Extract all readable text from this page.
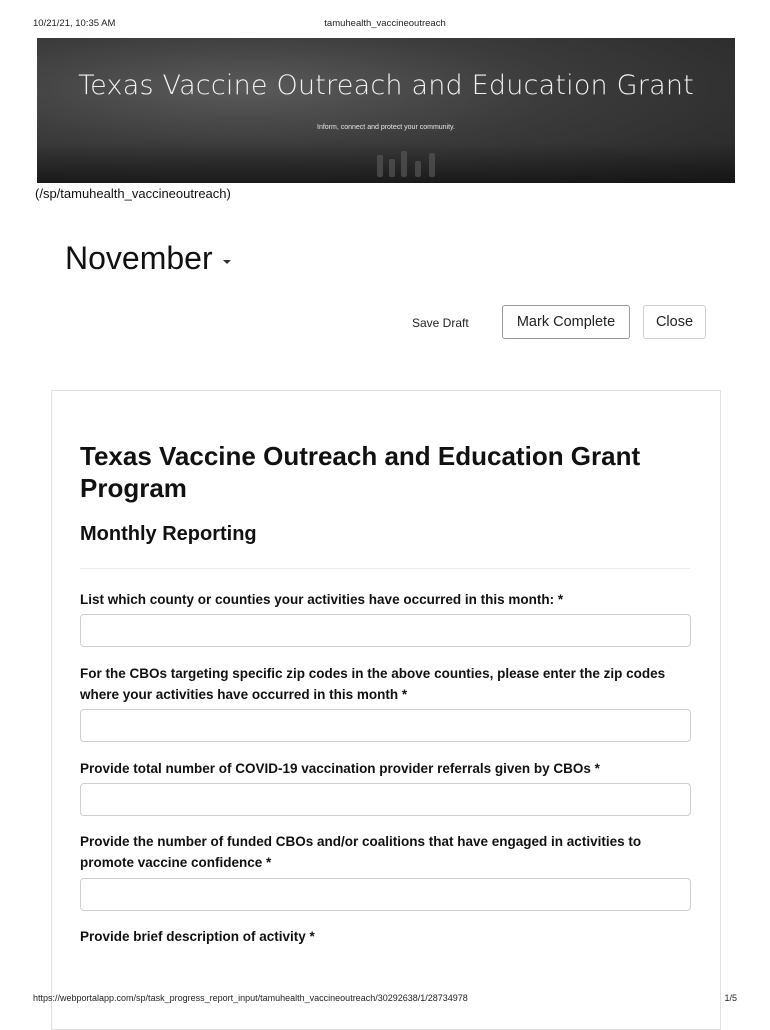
10/21/21, 10:35 AM	tamuhealth_vaccineoutreach
Texas Vaccine Outreach and Education Grant
Inform, connect and protect your community.
(/sp/tamuhealth_vaccineoutreach)
November
Save Draft	Mark Complete	Close
Texas Vaccine Outreach and Education Grant Program
Monthly Reporting
List which county or counties your activities have occurred in this month: *
For the CBOs targeting specific zip codes in the above counties, please enter the zip codes where your activities have occurred in this month *
Provide total number of COVID-19 vaccination provider referrals given by CBOs *
Provide the number of funded CBOs and/or coalitions that have engaged in activities to promote vaccine confidence *
Provide brief description of activity *
https://webportalapp.com/sp/task_progress_report_input/tamuhealth_vaccineoutreach/30292638/1/28734978	1/5
